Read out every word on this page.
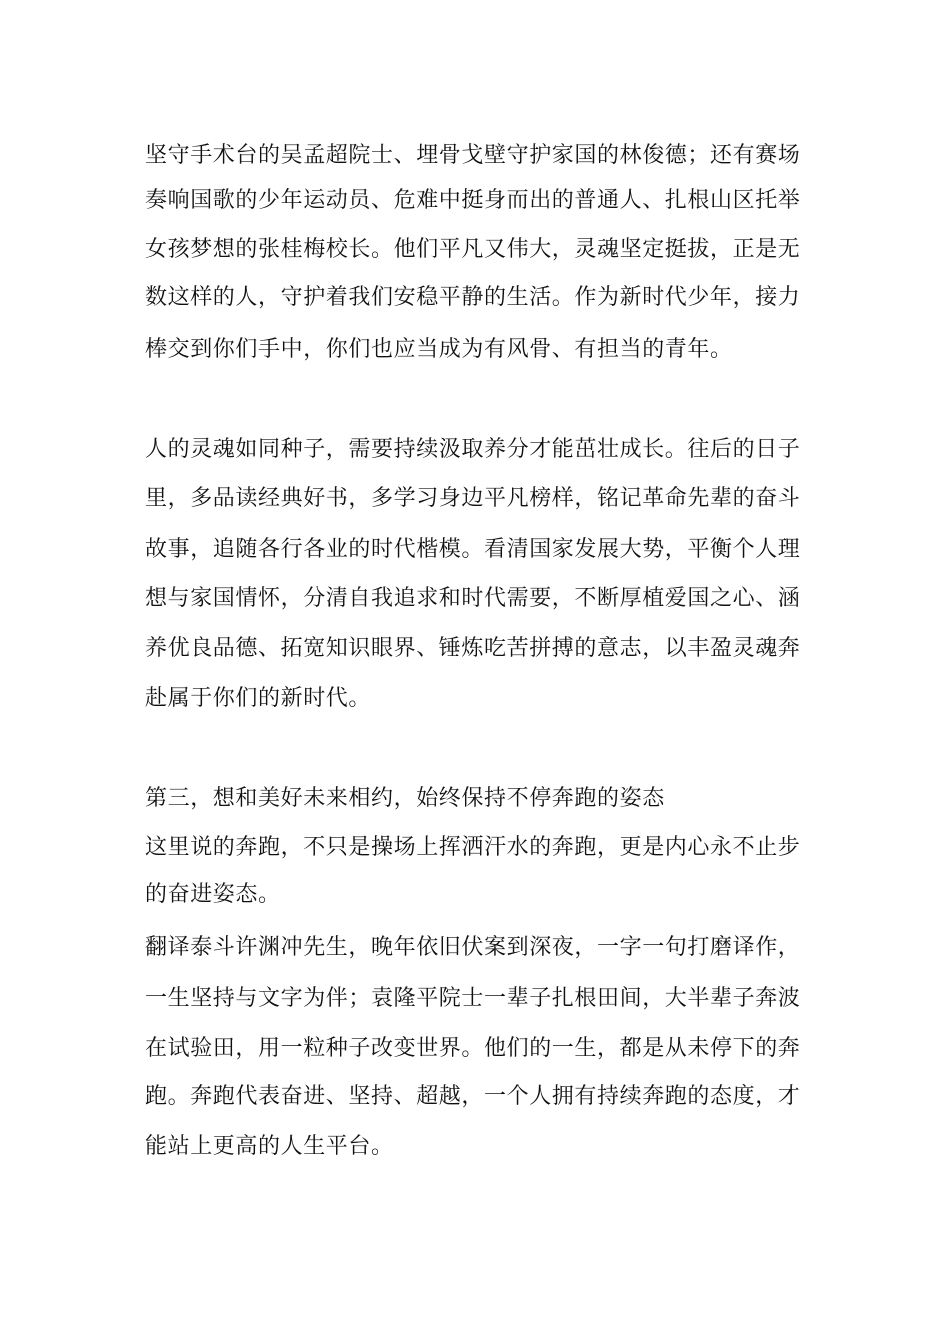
坚守手术台的吴孟超院士、埋骨戈壁守护家国的林俊德；还有赛场
奏响国歌的少年运动员、危难中挺身而出的普通人、扎根山区托举
女孩梦想的张桂梅校长。他们平凡又伟大，灵魂坚定挺拔，正是无
数这样的人，守护着我们安稳平静的生活。作为新时代少年，接力
棒交到你们手中，你们也应当成为有风骨、有担当的青年。
人的灵魂如同种子，需要持续汲取养分才能茁壮成长。往后的日子
里，多品读经典好书，多学习身边平凡榜样，铭记革命先辈的奋斗
故事，追随各行各业的时代楷模。看清国家发展大势，平衡个人理
想与家国情怀，分清自我追求和时代需要，不断厚植爱国之心、涵
养优良品德、拓宽知识眼界、锤炼吃苦拼搏的意志，以丰盈灵魂奔
赴属于你们的新时代。
第三，想和美好未来相约，始终保持不停奔跑的姿态
这里说的奔跑，不只是操场上挥洒汗水的奔跑，更是内心永不止步
的奋进姿态。
翻译泰斗许渊冲先生，晚年依旧伏案到深夜，一字一句打磨译作，
一生坚持与文字为伴；袁隆平院士一辈子扎根田间，大半辈子奔波
在试验田，用一粒种子改变世界。他们的一生，都是从未停下的奔
跑。奔跑代表奋进、坚持、超越，一个人拥有持续奔跑的态度，才
能站上更高的人生平台。
